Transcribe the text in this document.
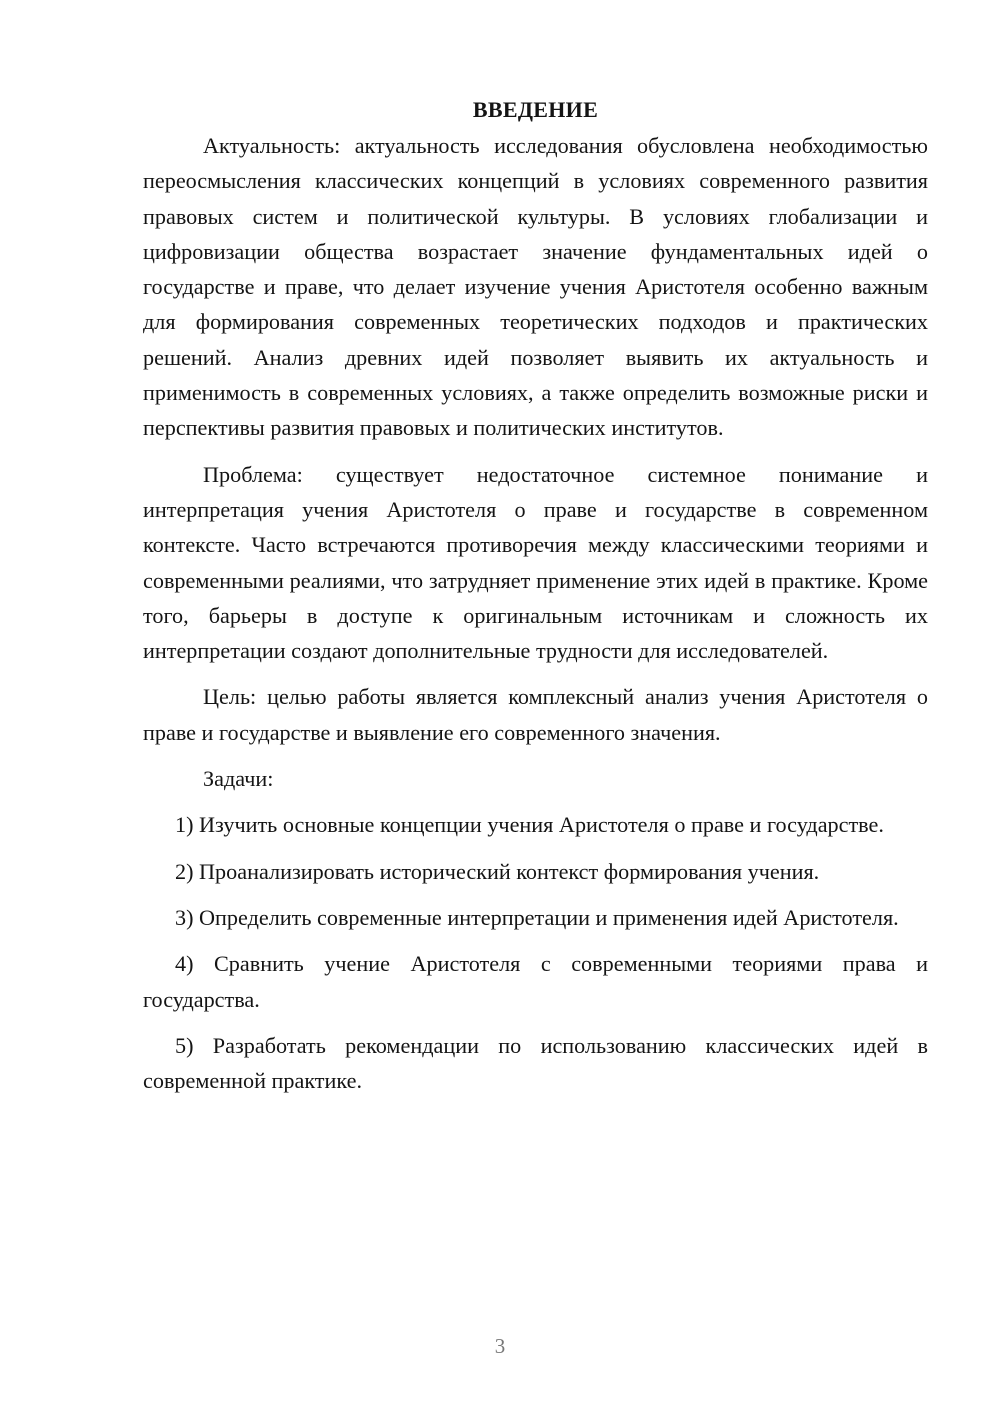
ВВЕДЕНИЕ

Актуальность: актуальность исследования обусловлена необходимостью переосмысления классических концепций в условиях современного развития правовых систем и политической культуры. В условиях глобализации и цифровизации общества возрастает значение фундаментальных идей о государстве и праве, что делает изучение учения Аристотеля особенно важным для формирования современных теоретических подходов и практических решений. Анализ древних идей позволяет выявить их актуальность и применимость в современных условиях, а также определить возможные риски и перспективы развития правовых и политических институтов.

Проблема: существует недостаточное системное понимание и интерпретация учения Аристотеля о праве и государстве в современном контексте. Часто встречаются противоречия между классическими теориями и современными реалиями, что затрудняет применение этих идей в практике. Кроме того, барьеры в доступе к оригинальным источникам и сложность их интерпретации создают дополнительные трудности для исследователей.

Цель: целью работы является комплексный анализ учения Аристотеля о праве и государстве и выявление его современного значения.

Задачи:

1) Изучить основные концепции учения Аристотеля о праве и государстве.

2) Проанализировать исторический контекст формирования учения.

3) Определить современные интерпретации и применения идей Аристотеля.

4) Сравнить учение Аристотеля с современными теориями права и государства.

5) Разработать рекомендации по использованию классических идей в современной практике.

3
